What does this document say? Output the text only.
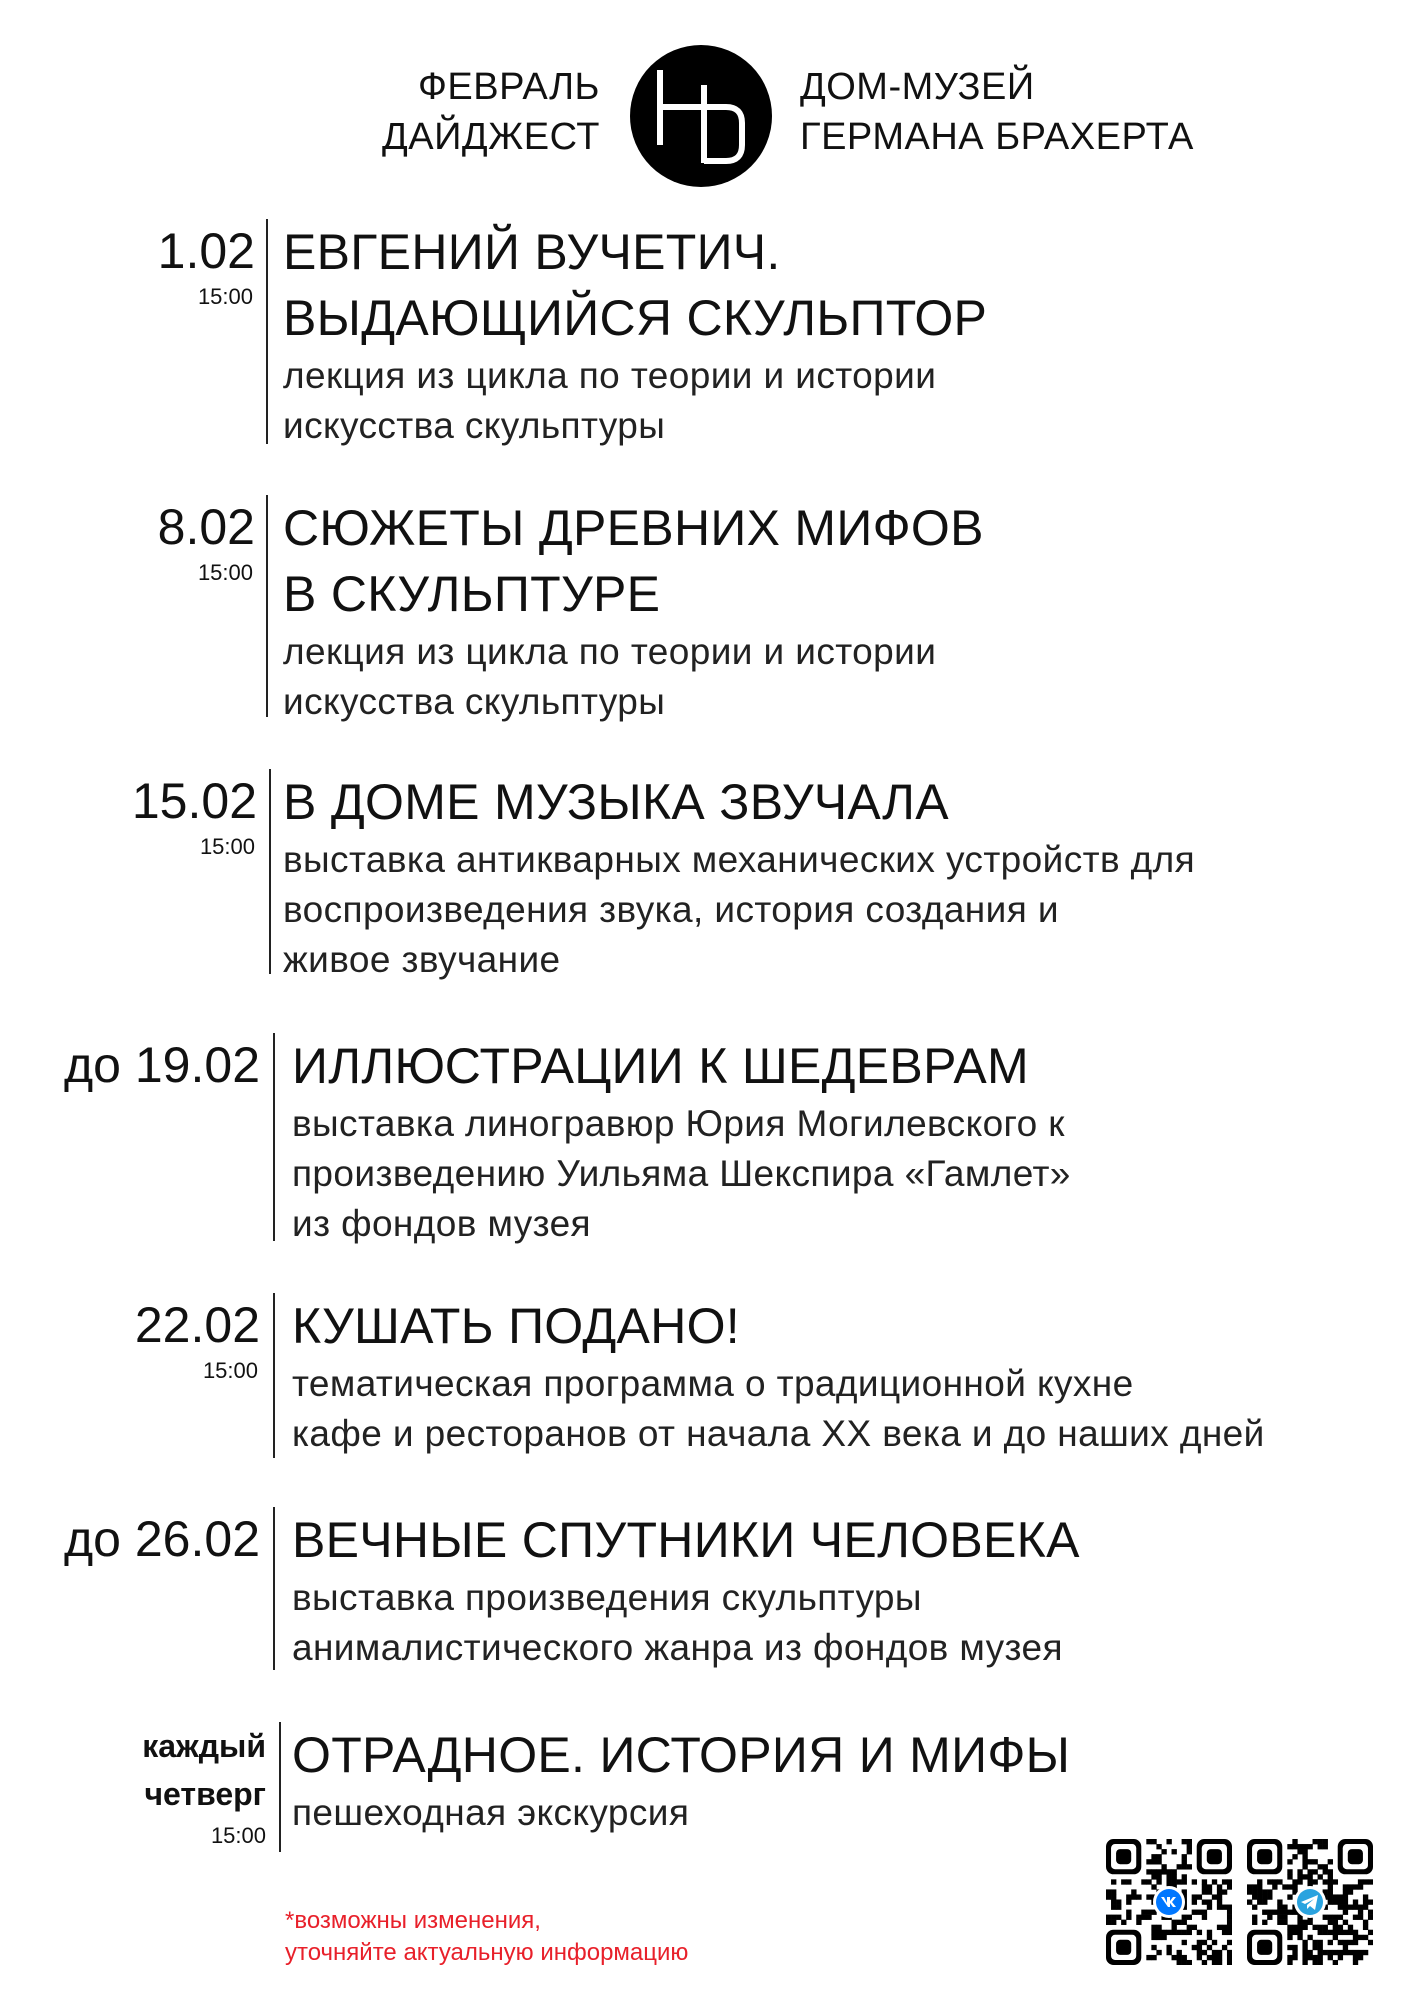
ФЕВРАЛЬ
ДАЙДЖЕСТ
ДОМ-МУЗЕЙ
ГЕРМАНА БРАХЕРТА
1.02
15:00
ЕВГЕНИЙ ВУЧЕТИЧ.
ВЫДАЮЩИЙСЯ СКУЛЬПТОР
лекция из цикла по теории и истории
искусства скульптуры
8.02
15:00
СЮЖЕТЫ ДРЕВНИХ МИФОВ
В СКУЛЬПТУРЕ
лекция из цикла по теории и истории
искусства скульптуры
15.02
15:00
В ДОМЕ МУЗЫКА ЗВУЧАЛА
выставка антикварных механических устройств для
воспроизведения звука, история создания и
живое звучание
до 19.02 ИЛЛЮСТРАЦИИ К ШЕДЕВРАМ
выставка линогравюр Юрия Могилевского к
произведению Уильяма Шекспира «Гамлет»
из фондов музея
22.02
15:00
КУШАТЬ ПОДАНО!
тематическая программа о традиционной кухне
кафе и ресторанов от начала XX века и до наших дней
до 26.02 ВЕЧНЫЕ СПУТНИКИ ЧЕЛОВЕКА
выставка произведения скульптуры
анималистического жанра из фондов музея
каждый
четверг
15:00
ОТРАДНОЕ. ИСТОРИЯ И МИФЫ
пешеходная экскурсия
*возможны изменения,
уточняйте актуальную информацию
